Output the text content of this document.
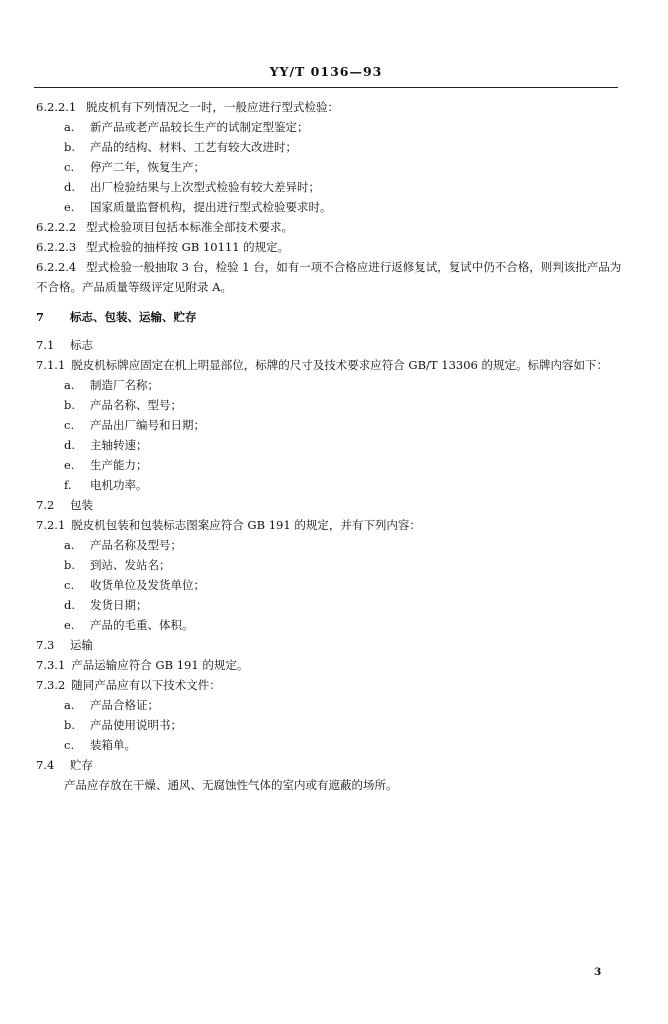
YY/T 0136—93
6.2.2.1 脱皮机有下列情况之一时，一般应进行型式检验：
a. 新产品或老产品较长生产的试制定型鉴定；
b. 产品的结构、材料、工艺有较大改进时；
c. 停产二年，恢复生产；
d. 出厂检验结果与上次型式检验有较大差异时；
e. 国家质量监督机构，提出进行型式检验要求时。
6.2.2.2 型式检验项目包括本标准全部技术要求。
6.2.2.3 型式检验的抽样按 GB 10111 的规定。
6.2.2.4 型式检验一般抽取 3 台，检验 1 台，如有一项不合格应进行返修复试，复试中仍不合格，则判该批产品为不合格。产品质量等级评定见附录 A。
7 标志、包装、运输、贮存
7.1 标志
7.1.1 脱皮机标牌应固定在机上明显部位，标牌的尺寸及技术要求应符合 GB/T 13306 的规定。标牌内容如下：
a. 制造厂名称；
b. 产品名称、型号；
c. 产品出厂编号和日期；
d. 主轴转速；
e. 生产能力；
f. 电机功率。
7.2 包装
7.2.1 脱皮机包装和包装标志图案应符合 GB 191 的规定，并有下列内容：
a. 产品名称及型号；
b. 到站、发站名；
c. 收货单位及发货单位；
d. 发货日期；
e. 产品的毛重、体积。
7.3 运输
7.3.1 产品运输应符合 GB 191 的规定。
7.3.2 随同产品应有以下技术文件：
a. 产品合格证；
b. 产品使用说明书；
c. 装箱单。
7.4 贮存
产品应存放在干燥、通风、无腐蚀性气体的室内或有遮蔽的场所。
3
